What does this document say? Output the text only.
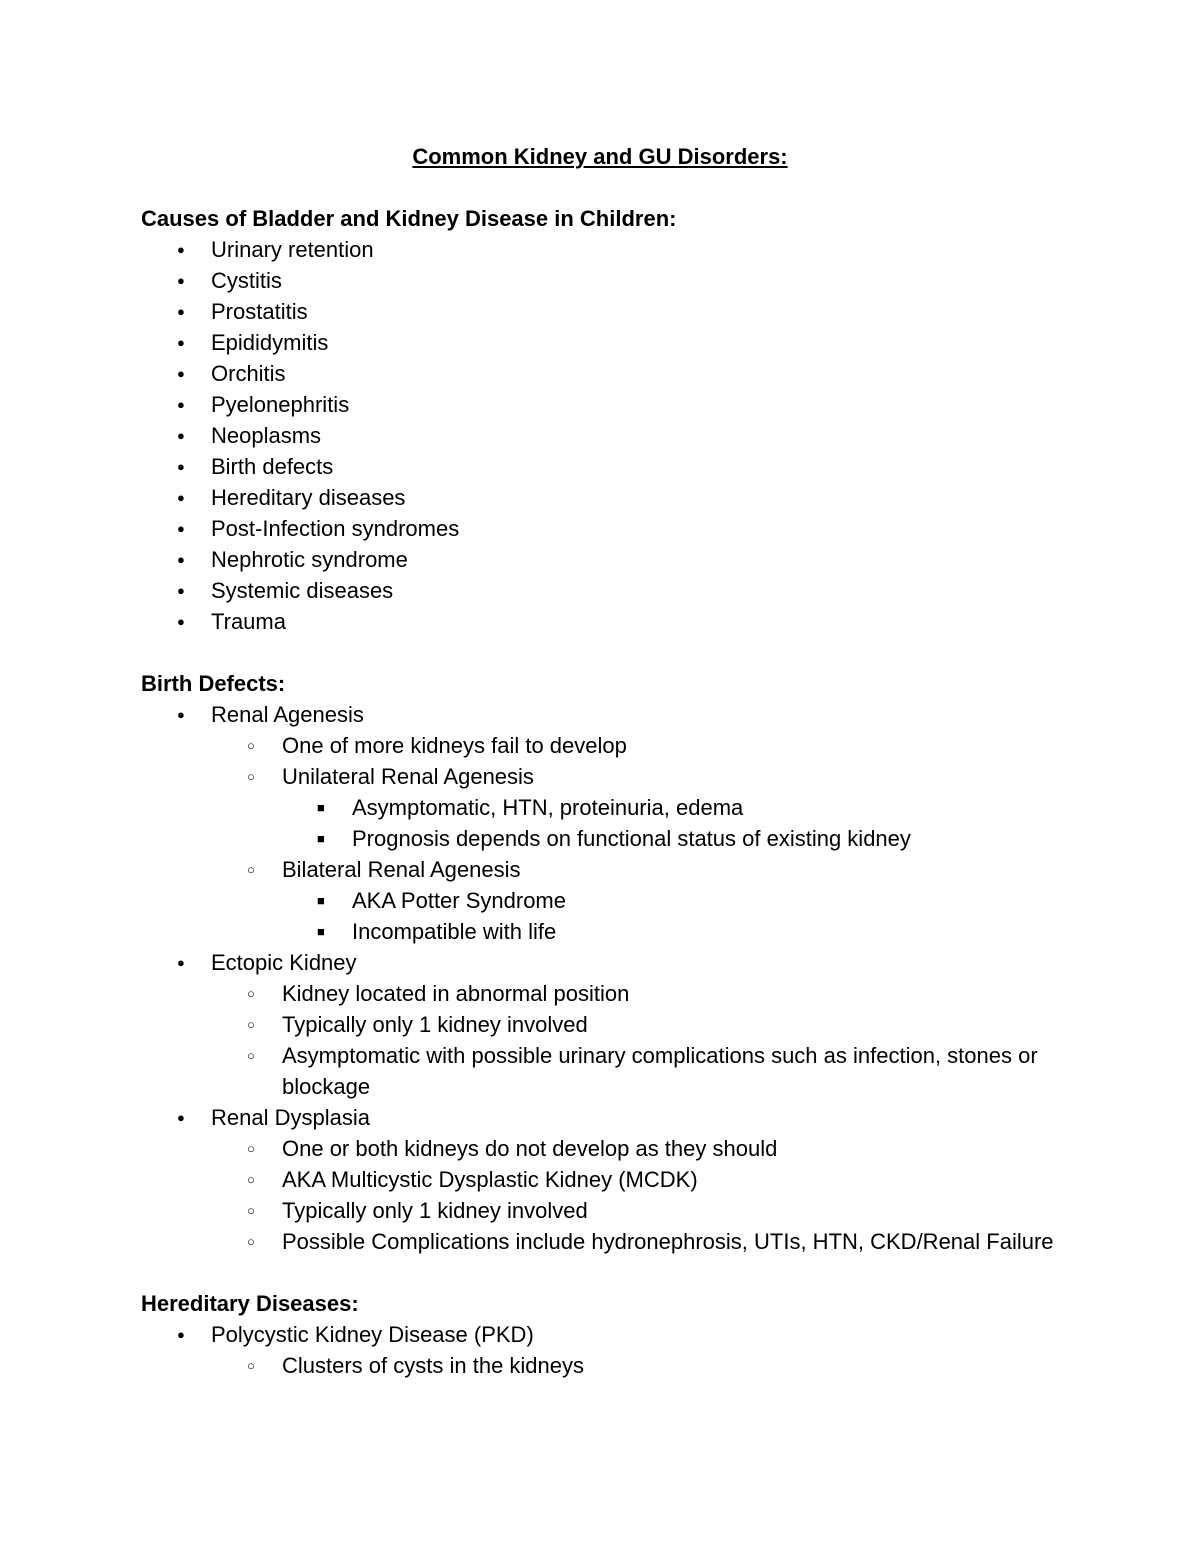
Common Kidney and GU Disorders:

Causes of Bladder and Kidney Disease in Children:

● Urinary retention
● Cystitis
● Prostatitis
● Epididymitis
● Orchitis
● Pyelonephritis
● Neoplasms
● Birth defects
● Hereditary diseases
● Post-Infection syndromes
● Nephrotic syndrome
● Systemic diseases
● Trauma

Birth Defects:

● Renal Agenesis
○ One of more kidneys fail to develop
○ Unilateral Renal Agenesis
■ Asymptomatic, HTN, proteinuria, edema
■ Prognosis depends on functional status of existing kidney
○ Bilateral Renal Agenesis
■ AKA Potter Syndrome
■ Incompatible with life
● Ectopic Kidney
○ Kidney located in abnormal position
○ Typically only 1 kidney involved
○ Asymptomatic with possible urinary complications such as infection, stones or blockage
● Renal Dysplasia
○ One or both kidneys do not develop as they should
○ AKA Multicystic Dysplastic Kidney (MCDK)
○ Typically only 1 kidney involved
○ Possible Complications include hydronephrosis, UTIs, HTN, CKD/Renal Failure

Hereditary Diseases:

● Polycystic Kidney Disease (PKD)
○ Clusters of cysts in the kidneys
